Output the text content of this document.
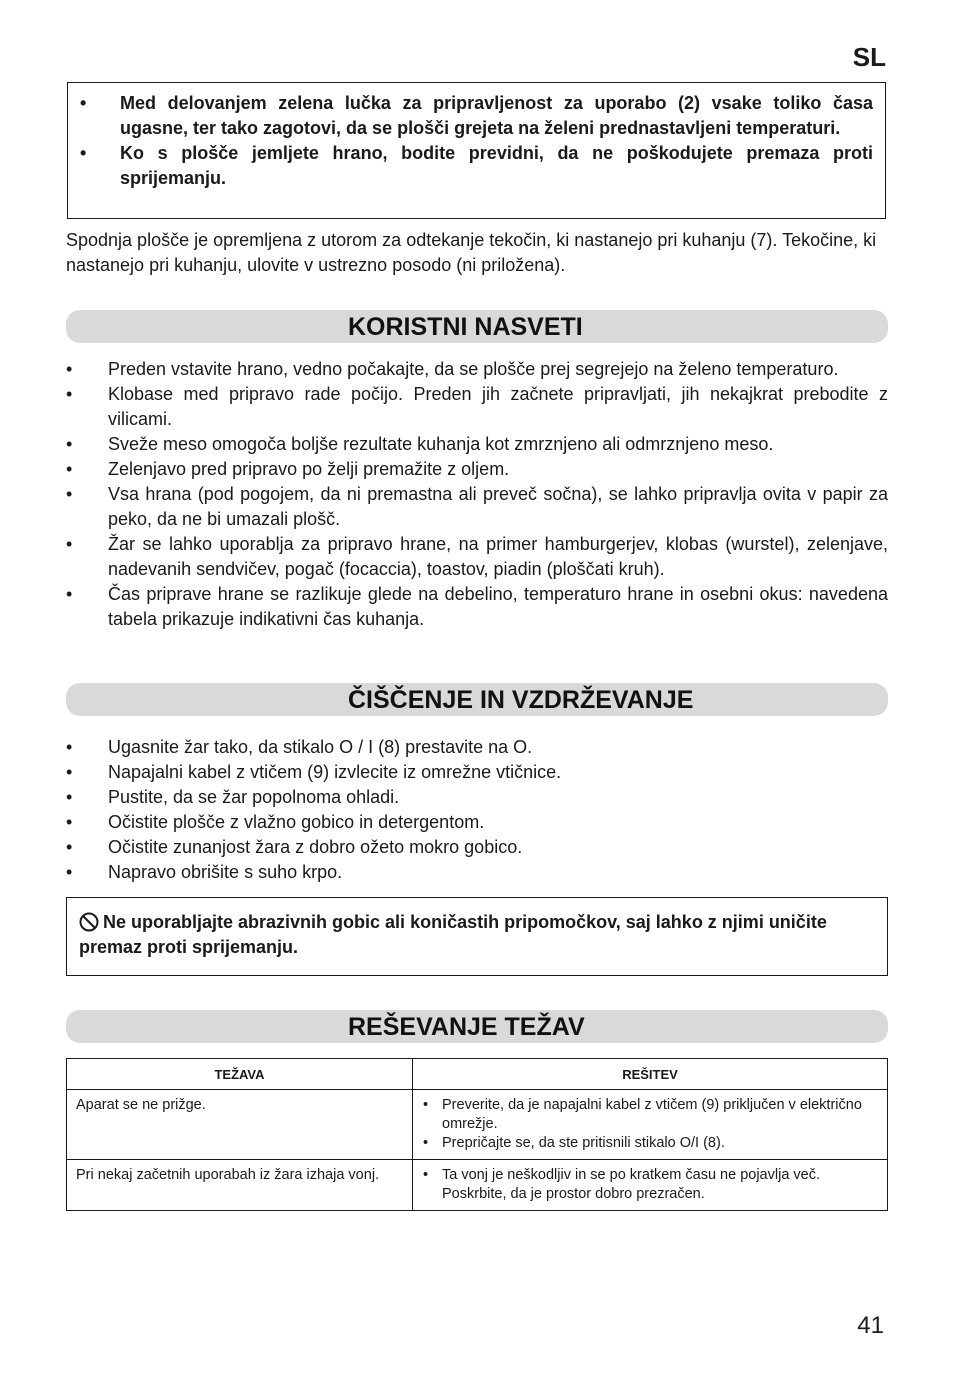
SL
• Med delovanjem zelena lučka za pripravljenost za uporabo (2) vsake toliko časa ugasne, ter tako zagotovi, da se plošči grejeta na želeni prednastavljeni temperaturi.
• Ko s plošče jemljete hrano, bodite previdni, da ne poškodujete premaza proti sprijemanju.
Spodnja plošče je opremljena z utorom za odtekanje tekočin, ki nastanejo pri kuhanju (7). Tekočine, ki nastanejo pri kuhanju, ulovite v ustrezno posodo (ni priložena).
KORISTNI NASVETI
• Preden vstavite hrano, vedno počakajte, da se plošče prej segrejejo na želeno temperaturo.
• Klobase med pripravo rade počijo. Preden jih začnete pripravljati, jih nekajkrat prebodite z vilicami.
• Sveže meso omogoča boljše rezultate kuhanja kot zmrznjeno ali odmrznjeno meso.
• Zelenjavo pred pripravo po želji premažite z oljem.
• Vsa hrana (pod pogojem, da ni premastna ali preveč sočna), se lahko pripravlja ovita v papir za peko, da ne bi umazali plošč.
• Žar se lahko uporablja za pripravo hrane, na primer hamburgerjev, klobas (wurstel), zelenjave, nadevanih sendvičev, pogač (focaccia), toastov, piadin (ploščati kruh).
• Čas priprave hrane se razlikuje glede na debelino, temperaturo hrane in osebni okus: navedena tabela prikazuje indikativni čas kuhanja.
ČIŠČENJE IN VZDRŽEVANJE
• Ugasnite žar tako, da stikalo O / I (8) prestavite na O.
• Napajalni kabel z vtičem (9) izvlecite iz omrežne vtičnice.
• Pustite, da se žar popolnoma ohladi.
• Očistite plošče z vlažno gobico in detergentom.
• Očistite zunanjost žara z dobro ožeto mokro gobico.
• Napravo obrišite s suho krpo.
Ne uporabljajte abrazivnih gobic ali koničastih pripomočkov, saj lahko z njimi uničite premaz proti sprijemanju.
REŠEVANJE TEŽAV
TEŽAVA	REŠITEV
Aparat se ne prižge.	• Preverite, da je napajalni kabel z vtičem (9) priključen v električno omrežje.
• Prepričajte se, da ste pritisnili stikalo O/I (8).

Pri nekaj začetnih uporabah iz žara izhaja vonj.	• Ta vonj je neškodljiv in se po kratkem času ne pojavlja več. Poskrbite, da je prostor dobro prezračen.
41
